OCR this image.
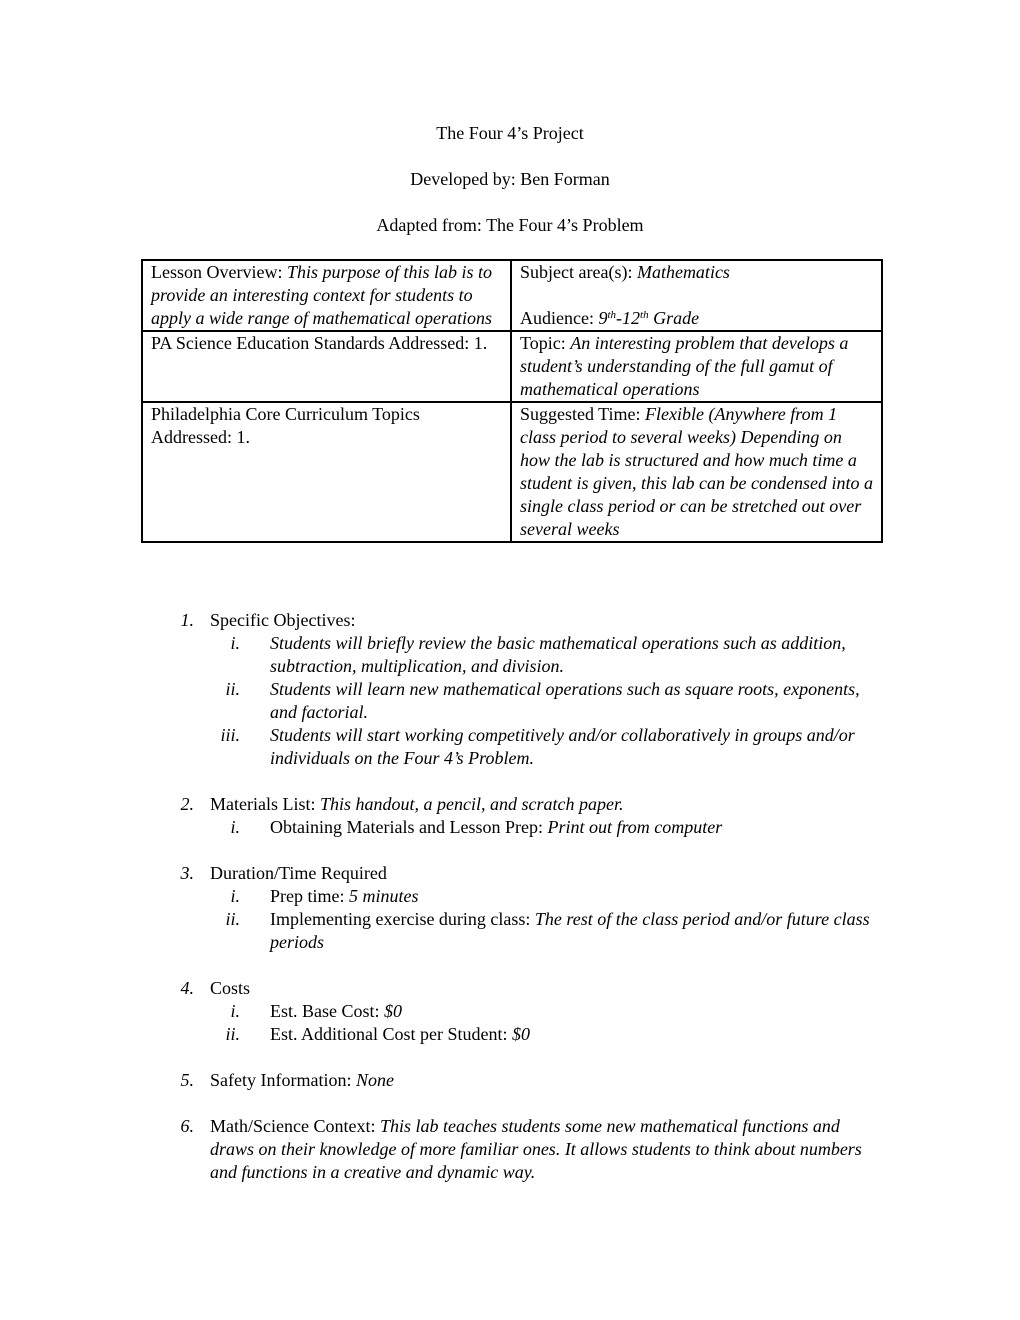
The Four 4’s Project
Developed by: Ben Forman
Adapted from: The Four 4’s Problem
Lesson Overview: This purpose of this lab is to provide an interesting context for students to apply a wide range of mathematical operations	Subject area(s): Mathematics
Audience: 9th-12th Grade
PA Science Education Standards Addressed: 1.	Topic: An interesting problem that develops a student’s understanding of the full gamut of mathematical operations
Philadelphia Core Curriculum Topics Addressed: 1.	Suggested Time: Flexible (Anywhere from 1 class period to several weeks) Depending on how the lab is structured and how much time a student is given, this lab can be condensed into a single class period or can be stretched out over several weeks
1. Specific Objectives:
i. Students will briefly review the basic mathematical operations such as addition, subtraction, multiplication, and division.
ii. Students will learn new mathematical operations such as square roots, exponents, and factorial.
iii. Students will start working competitively and/or collaboratively in groups and/or individuals on the Four 4’s Problem.
2. Materials List: This handout, a pencil, and scratch paper.
i. Obtaining Materials and Lesson Prep: Print out from computer
3. Duration/Time Required
i. Prep time: 5 minutes
ii. Implementing exercise during class: The rest of the class period and/or future class periods
4. Costs
i. Est. Base Cost: $0
ii. Est. Additional Cost per Student: $0
5. Safety Information: None
6. Math/Science Context: This lab teaches students some new mathematical functions and draws on their knowledge of more familiar ones. It allows students to think about numbers and functions in a creative and dynamic way.
